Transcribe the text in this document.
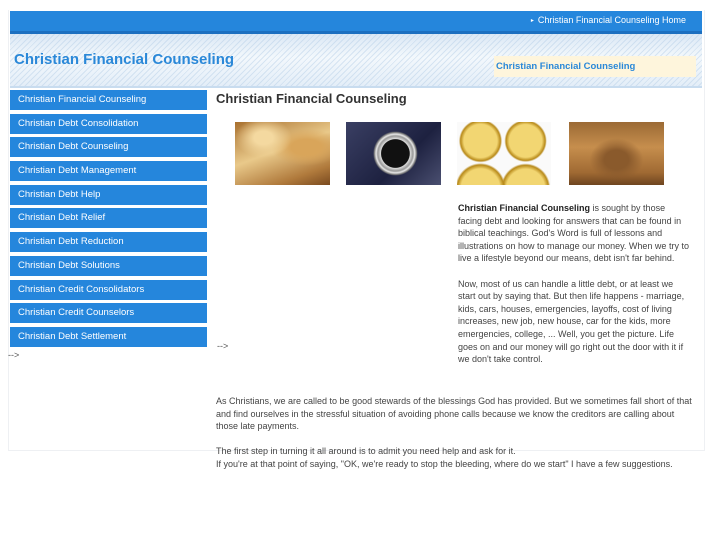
▸ Christian Financial Counseling Home
Christian Financial Counseling	Christian Financial Counseling
Christian Financial Counseling
Christian Debt Consolidation
Christian Debt Counseling
Christian Debt Management
Christian Debt Help
Christian Debt Relief
Christian Debt Reduction
Christian Debt Solutions
Christian Credit Consolidators
Christian Credit Counselors
Christian Debt Settlement
-->
Christian Financial Counseling

Christian Financial Counseling is sought by those facing debt and looking for answers that can be found in biblical teachings. God's Word is full of lessons and illustrations on how to manage our money. When we try to live a lifestyle beyond our means, debt isn't far behind.

Now, most of us can handle a little debt, or at least we start out by saying that. But then life happens - marriage, kids, cars, houses, emergencies, layoffs, cost of living increases, new job, new house, car for the kids, more emergencies, college, ... Well, you get the picture. Life goes on and our money will go right out the door with it if we don't take control.

-->

As Christians, we are called to be good stewards of the blessings God has provided. But we sometimes fall short of that and find ourselves in the stressful situation of avoiding phone calls because we know the creditors are calling about those late payments.

The first step in turning it all around is to admit you need help and ask for it.
If you're at that point of saying, "OK, we're ready to stop the bleeding, where do we start" I have a few suggestions.
